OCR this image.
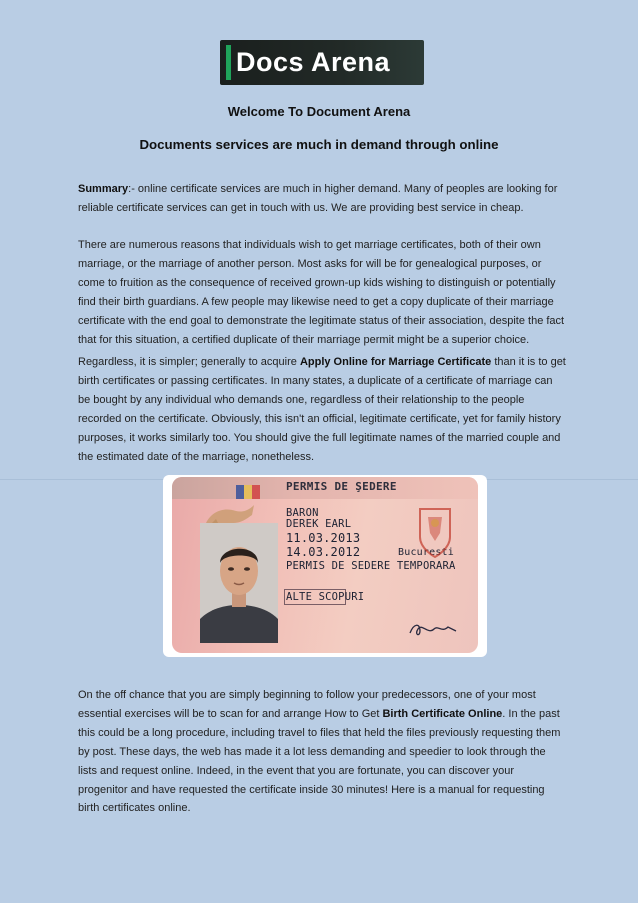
Docs Arena
Welcome To Document Arena
Documents services are much in demand through online

Summary:- online certificate services are much in higher demand. Many of peoples are looking for reliable certificate services can get in touch with us. We are providing best service in cheap.

There are numerous reasons that individuals wish to get marriage certificates, both of their own marriage, or the marriage of another person. Most asks for will be for genealogical purposes, or come to fruition as the consequence of received grown-up kids wishing to distinguish or potentially find their birth guardians. A few people may likewise need to get a copy duplicate of their marriage certificate with the end goal to demonstrate the legitimate status of their association, despite the fact that for this situation, a certified duplicate of their marriage permit might be a superior choice.

Regardless, it is simpler; generally to acquire Apply Online for Marriage Certificate than it is to get birth certificates or passing certificates. In many states, a duplicate of a certificate of marriage can be bought by any individual who demands one, regardless of their relationship to the people recorded on the certificate. Obviously, this isn't an official, legitimate certificate, yet for family history purposes, it works similarly too. You should give the full legitimate names of the married couple and the estimated date of the marriage, nonetheless.

PERMIS DE ŞEDERE
BARON
DEREK EARL
11.03.2013
14.03.2012	Bucuresti
PERMIS DE SEDERE TEMPORARA
ALTE SCOPURI

On the off chance that you are simply beginning to follow your predecessors, one of your most essential exercises will be to scan for and arrange How to Get Birth Certificate Online. In the past this could be a long procedure, including travel to files that held the files previously requesting them by post. These days, the web has made it a lot less demanding and speedier to look through the lists and request online. Indeed, in the event that you are fortunate, you can discover your progenitor and have requested the certificate inside 30 minutes! Here is a manual for requesting birth certificates online.
